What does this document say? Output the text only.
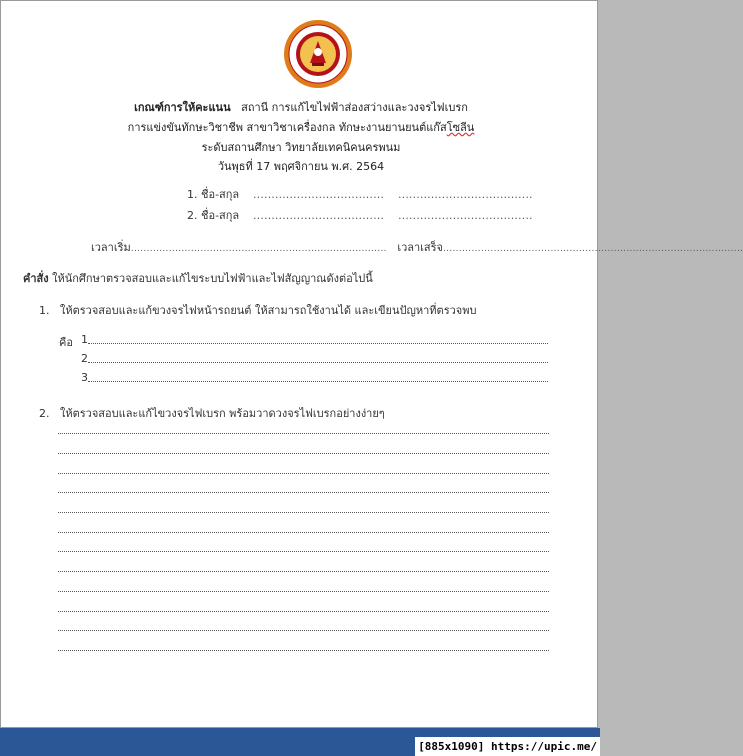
เกณฑ์การให้คะแนน สถานี การแก้ไขไฟฟ้าส่องสว่างและวงจรไฟเบรก
การแข่งขันทักษะวิชาชีพ สาขาวิชาเครื่องกล ทักษะงานยานยนต์แก๊สโซลีน
ระดับสถานศึกษา วิทยาลัยเทคนิคนครพนม
วันพุธที่ 17 พฤศจิกายน พ.ศ. 2564
1. ชื่อ-สกุล .................................... .....................................
2. ชื่อ-สกุล .................................... .....................................
เวลาเริ่ม................................................................................. เวลาเสร็จ...............................................................................................
คำสั่ง ให้นักศึกษาตรวจสอบและแก้ไขระบบไฟฟ้าและไฟสัญญาณดังต่อไปนี้
1. ให้ตรวจสอบและแก้ขวงจรไฟหน้ารถยนต์ ให้สามารถใช้งานได้ และเขียนปัญหาที่ตรวจพบ
คือ 1
2
3
2. ให้ตรวจสอบและแก้ไขวงจรไฟเบรก พร้อมวาดวงจรไฟเบรกอย่างง่ายๆ
[885x1090] https://upic.me/
